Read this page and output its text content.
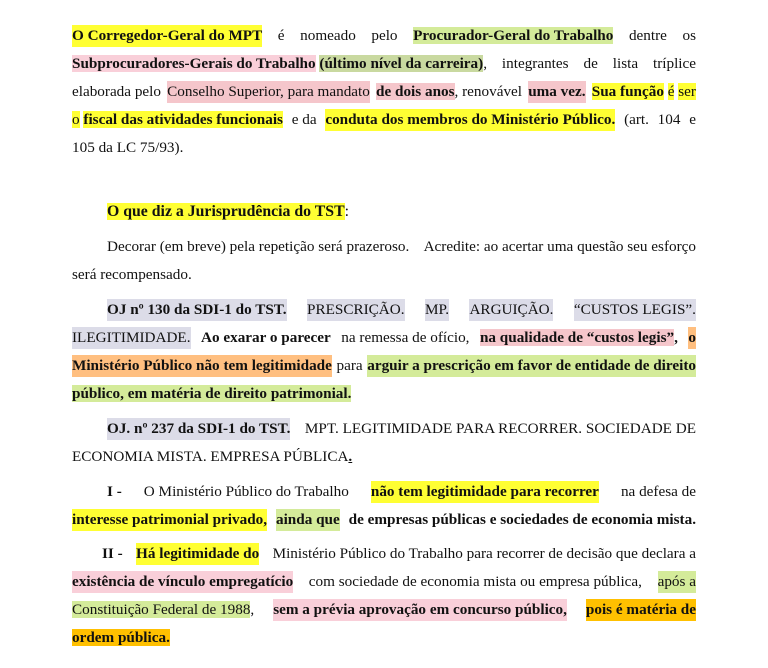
O Corregedor-Geral do MPT é nomeado pelo Procurador-Geral do Trabalho dentre os
Subprocuradores-Gerais do Trabalho (último nível da carreira), integrantes de lista tríplice
elaborada pelo Conselho Superior, para mandato de dois anos, renovável uma vez. Sua função é ser
o fiscal das atividades funcionais e da conduta dos membros do Ministério Público. (art. 104 e
105 da LC 75/93).
O que diz a Jurisprudência do TST:
Decorar (em breve) pela repetição será prazeroso. Acredite: ao acertar uma questão seu esforço
será recompensado.
OJ nº 130 da SDI-1 do TST. PRESCRIÇÃO. MP. ARGUIÇÃO. “CUSTOS LEGIS”.
ILEGITIMIDADE. Ao exarar o parecer na remessa de ofício, na qualidade de “custos legis”, o
Ministério Público não tem legitimidade para arguir a prescrição em favor de entidade de direito
público, em matéria de direito patrimonial.
OJ. nº 237 da SDI-1 do TST. MPT. LEGITIMIDADE PARA RECORRER. SOCIEDADE DE
ECONOMIA MISTA. EMPRESA PÚBLICA.
I - O Ministério Público do Trabalho não tem legitimidade para recorrer na defesa de
interesse patrimonial privado, ainda que de empresas públicas e sociedades de economia mista.
II - Há legitimidade do Ministério Público do Trabalho para recorrer de decisão que declara a
existência de vínculo empregatício com sociedade de economia mista ou empresa pública, após a
Constituição Federal de 1988, sem a prévia aprovação em concurso público, pois é matéria de
ordem pública.
